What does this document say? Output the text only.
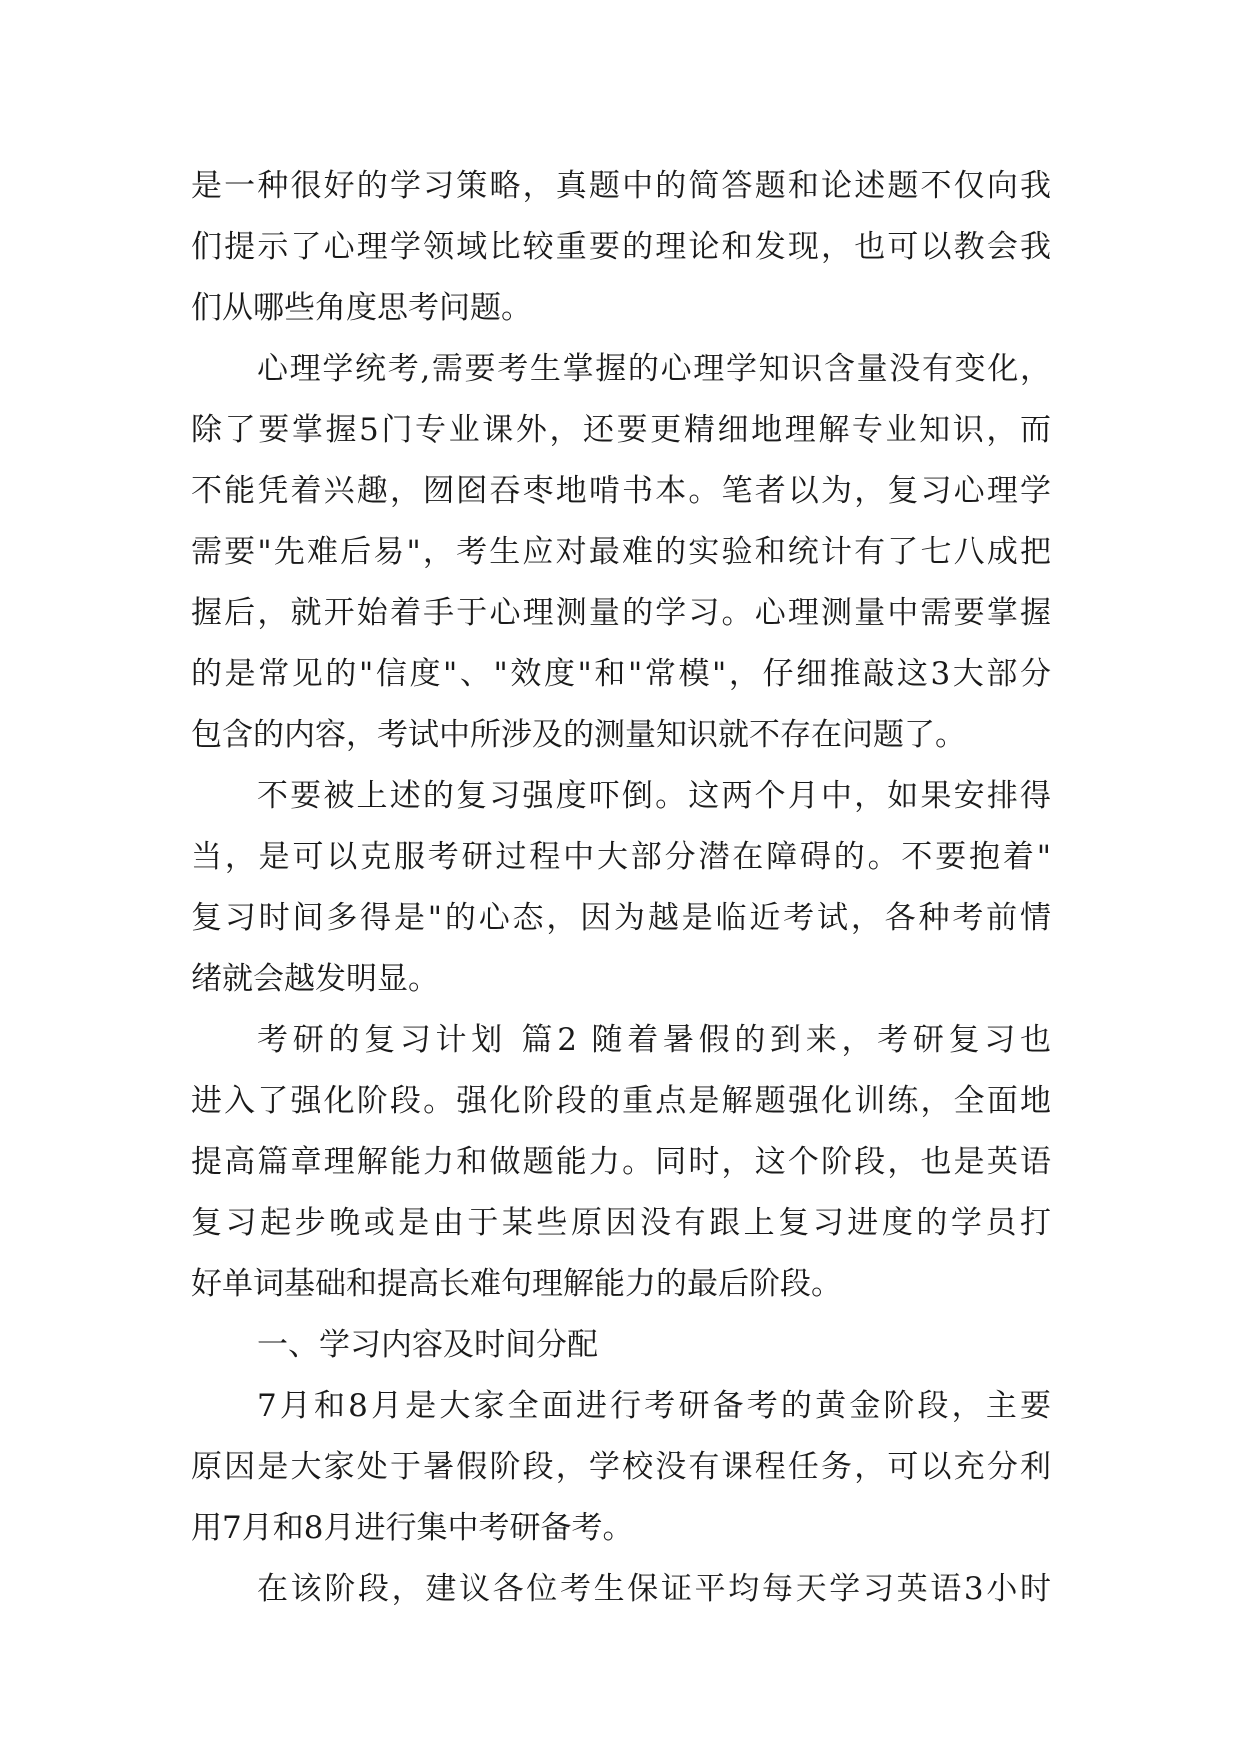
是一种很好的学习策略，真题中的简答题和论述题不仅向我
们提示了心理学领域比较重要的理论和发现，也可以教会我
们从哪些角度思考问题。
心理学统考,需要考生掌握的心理学知识含量没有变化，
除了要掌握5门专业课外，还要更精细地理解专业知识，而
不能凭着兴趣，囫囵吞枣地啃书本。笔者以为，复习心理学
需要"先难后易"，考生应对最难的实验和统计有了七八成把
握后，就开始着手于心理测量的学习。心理测量中需要掌握
的是常见的"信度"、"效度"和"常模"，仔细推敲这3大部分
包含的内容，考试中所涉及的测量知识就不存在问题了。
不要被上述的复习强度吓倒。这两个月中，如果安排得
当，是可以克服考研过程中大部分潜在障碍的。不要抱着"
复习时间多得是"的心态，因为越是临近考试，各种考前情
绪就会越发明显。
考研的复习计划 篇2 随着暑假的到来，考研复习也
进入了强化阶段。强化阶段的重点是解题强化训练，全面地
提高篇章理解能力和做题能力。同时，这个阶段，也是英语
复习起步晚或是由于某些原因没有跟上复习进度的学员打
好单词基础和提高长难句理解能力的最后阶段。
一、学习内容及时间分配
7月和8月是大家全面进行考研备考的黄金阶段，主要
原因是大家处于暑假阶段，学校没有课程任务，可以充分利
用7月和8月进行集中考研备考。
在该阶段，建议各位考生保证平均每天学习英语3小时
